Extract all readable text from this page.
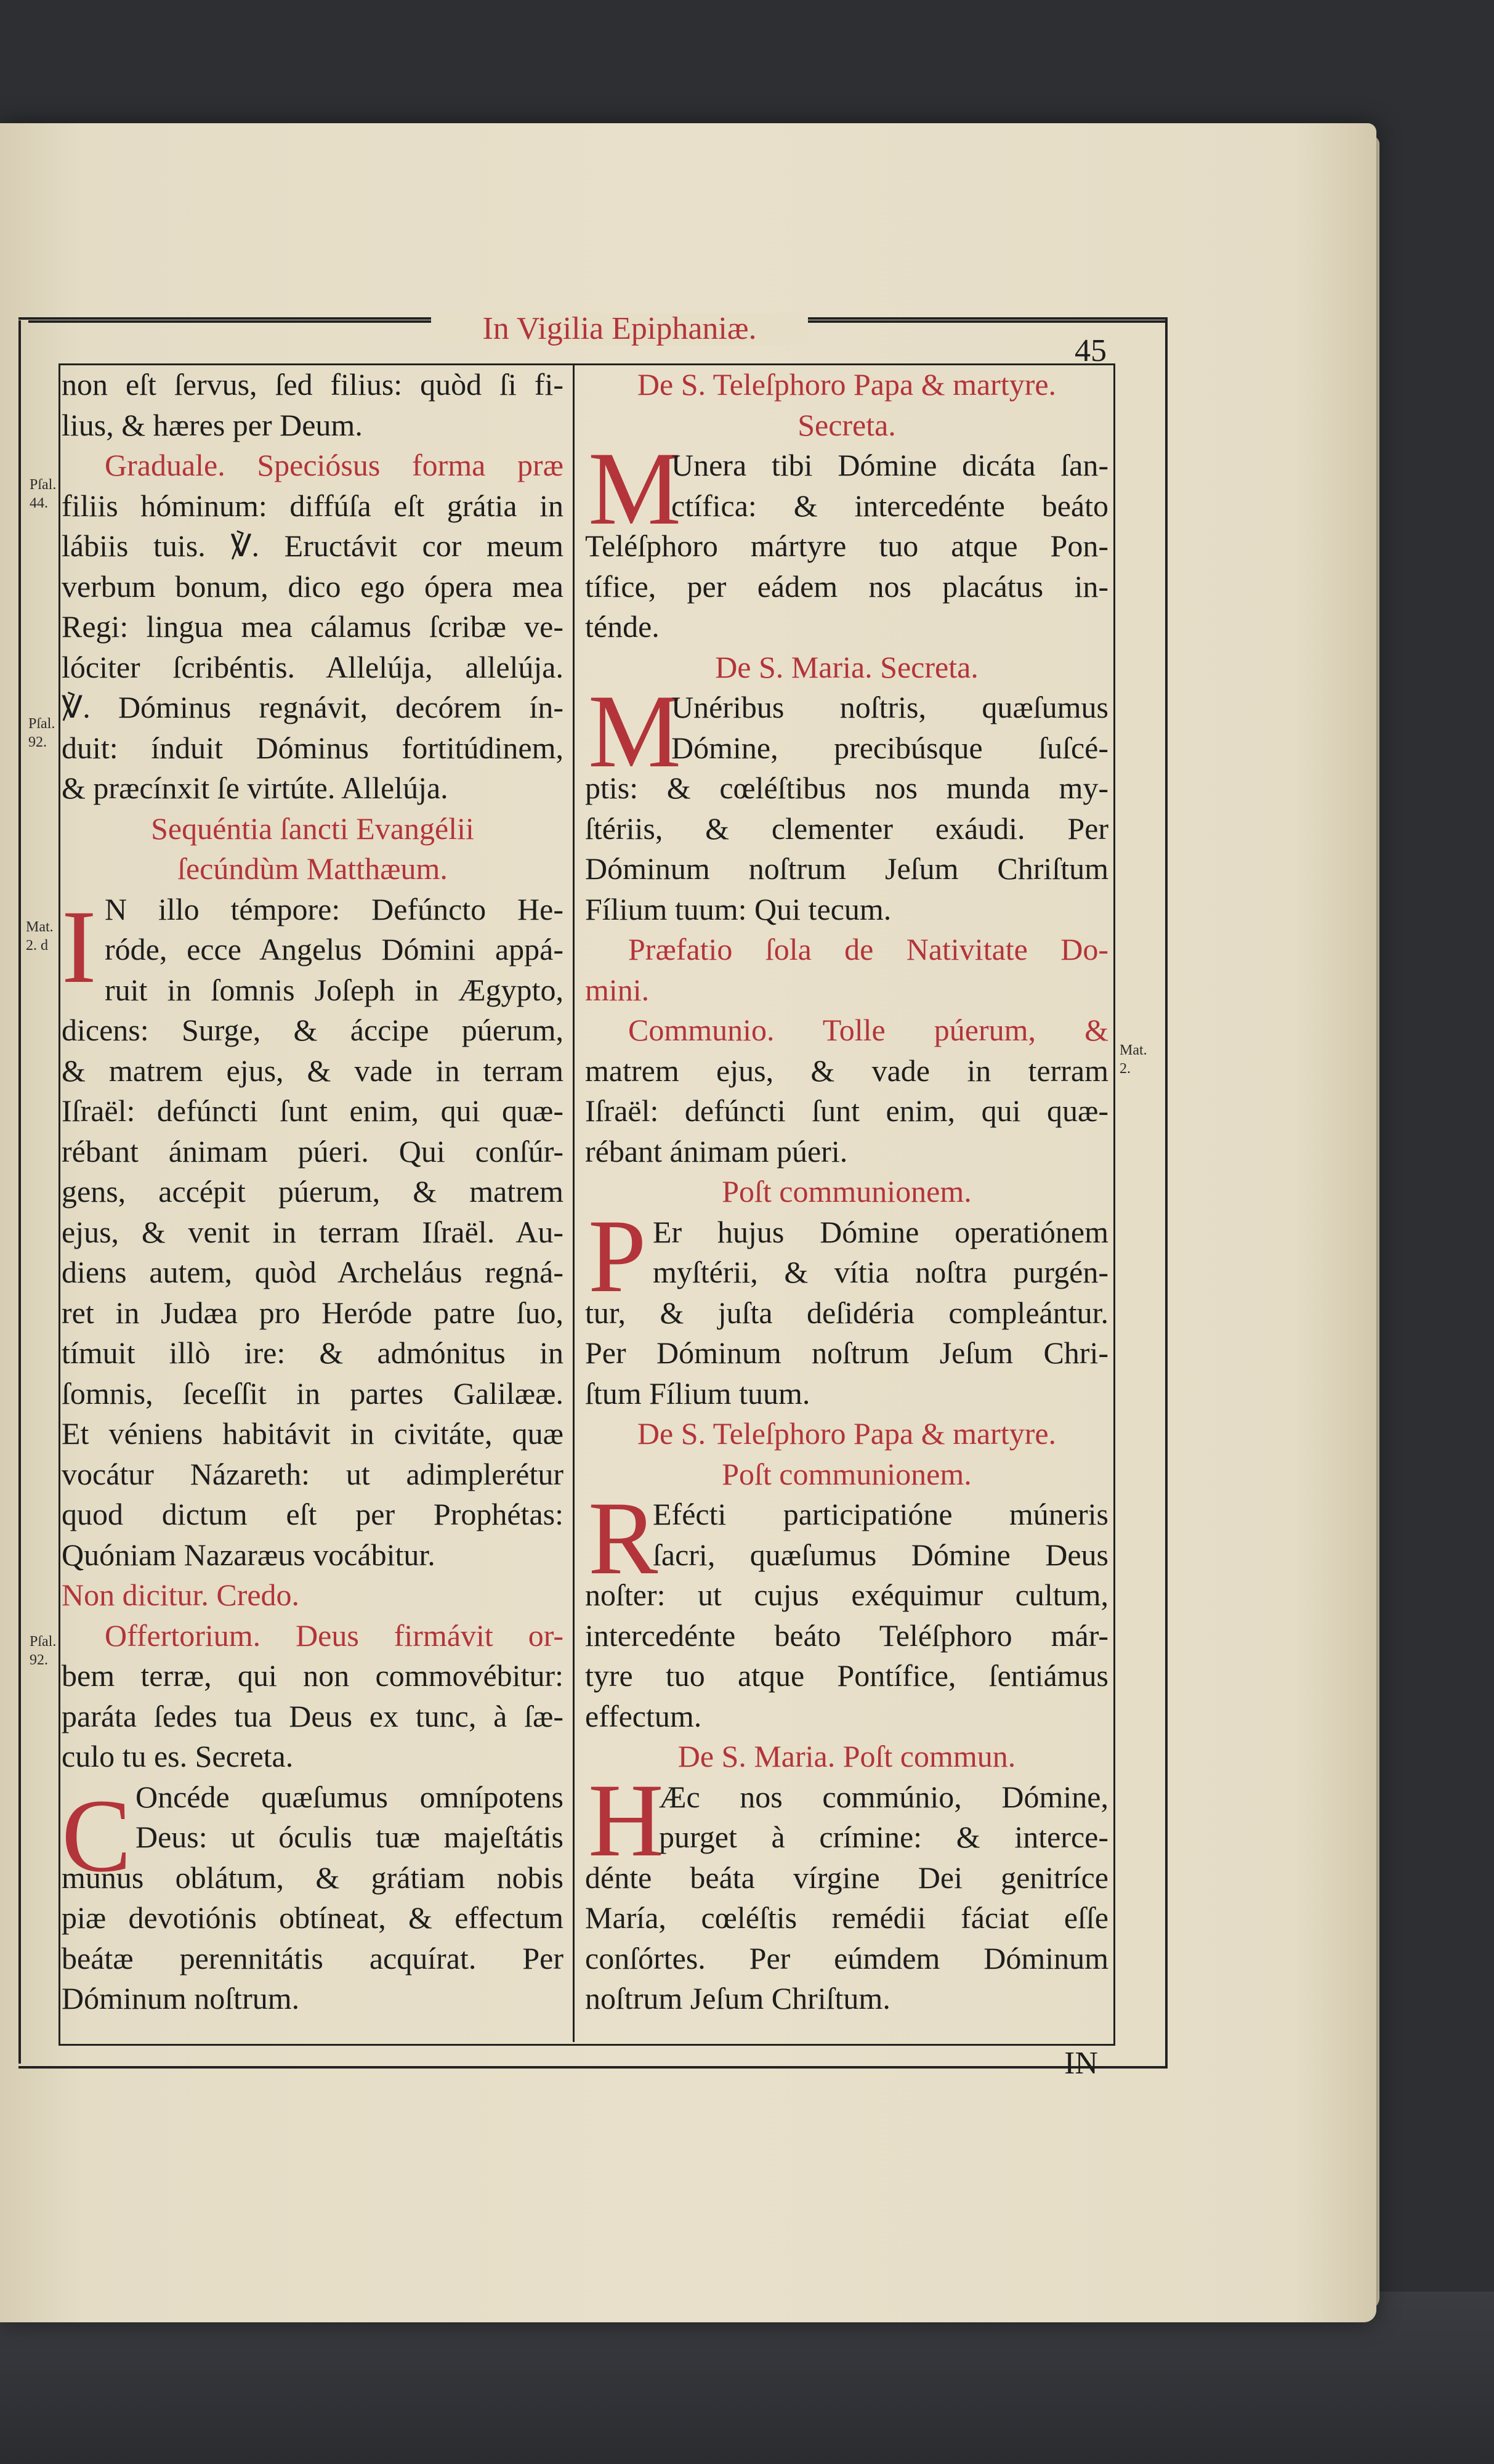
In Vigilia Epiphaniæ.
45
Pſal. 44.
Pſal. 92.
Mat. 2. d
Pſal. 92.
Mat. 2.
I
C
non eſt ſervus, ſed filius: quòd ſi fi-
lius, & hæres per Deum.
Graduale. Speciósus forma præ
filiis hóminum: diffúſa eſt grátia in
lábiis tuis. ℣. Eructávit cor meum
verbum bonum, dico ego ópera mea
Regi: lingua mea cálamus ſcribæ ve-
lóciter ſcribéntis. Allelúja, allelúja.
℣. Dóminus regnávit, decórem ín-
duit: índuit Dóminus fortitúdinem,
& præcínxit ſe virtúte. Allelúja.
Sequéntia ſancti Evangélii
ſecúndùm Matthæum.
N illo témpore: Defúncto He-
róde, ecce Angelus Dómini appá-
ruit in ſomnis Joſeph in Ægypto,
dicens: Surge, & áccipe púerum,
& matrem ejus, & vade in terram
Iſraël: defúncti ſunt enim, qui quæ-
rébant ánimam púeri. Qui conſúr-
gens, accépit púerum, & matrem
ejus, & venit in terram Iſraël. Au-
diens autem, quòd Archeláus regná-
ret in Judæa pro Heróde patre ſuo,
tímuit illò ire: & admónitus in
ſomnis, ſeceſſit in partes Galilææ.
Et véniens habitávit in civitáte, quæ
vocátur Názareth: ut adimplerétur
quod dictum eſt per Prophétas:
Quóniam Nazaræus vocábitur.
Non dicitur. Credo.
Offertorium. Deus firmávit or-
bem terræ, qui non commovébitur:
paráta ſedes tua Deus ex tunc, à ſæ-
culo tu es. Secreta.
Oncéde quæſumus omnípotens
Deus: ut óculis tuæ majeſtátis
munus oblátum, & grátiam nobis
piæ devotiónis obtíneat, & effectum
beátæ perennitátis acquírat. Per
Dóminum noſtrum.
M
M
P
R
H
De S. Teleſphoro Papa & martyre.
Secreta.
Unera tibi Dómine dicáta ſan-
ctífica: & intercedénte beáto
Teléſphoro mártyre tuo atque Pon-
tífice, per eádem nos placátus in-
ténde.
De S. Maria. Secreta.
Unéribus noſtris, quæſumus
Dómine, precibúsque ſuſcé-
ptis: & cœléſtibus nos munda my-
ſtériis, & clementer exáudi. Per
Dóminum noſtrum Jeſum Chriſtum
Fílium tuum: Qui tecum.
Præfatio ſola de Nativitate Do-
mini.
Communio. Tolle púerum, &
matrem ejus, & vade in terram
Iſraël: defúncti ſunt enim, qui quæ-
rébant ánimam púeri.
Poſt communionem.
Er hujus Dómine operatiónem
myſtérii, & vítia noſtra purgén-
tur, & juſta deſidéria compleántur.
Per Dóminum noſtrum Jeſum Chri-
ſtum Fílium tuum.
De S. Teleſphoro Papa & martyre.
Poſt communionem.
Efécti participatióne múneris
ſacri, quæſumus Dómine Deus
noſter: ut cujus exéquimur cultum,
intercedénte beáto Teléſphoro már-
tyre tuo atque Pontífice, ſentiámus
effectum.
De S. Maria. Poſt commun.
Æc nos commúnio, Dómine,
purget à crímine: & interce-
dénte beáta vírgine Dei genitríce
María, cœléſtis remédii fáciat eſſe
conſórtes. Per eúmdem Dóminum
noſtrum Jeſum Chriſtum.
IN
